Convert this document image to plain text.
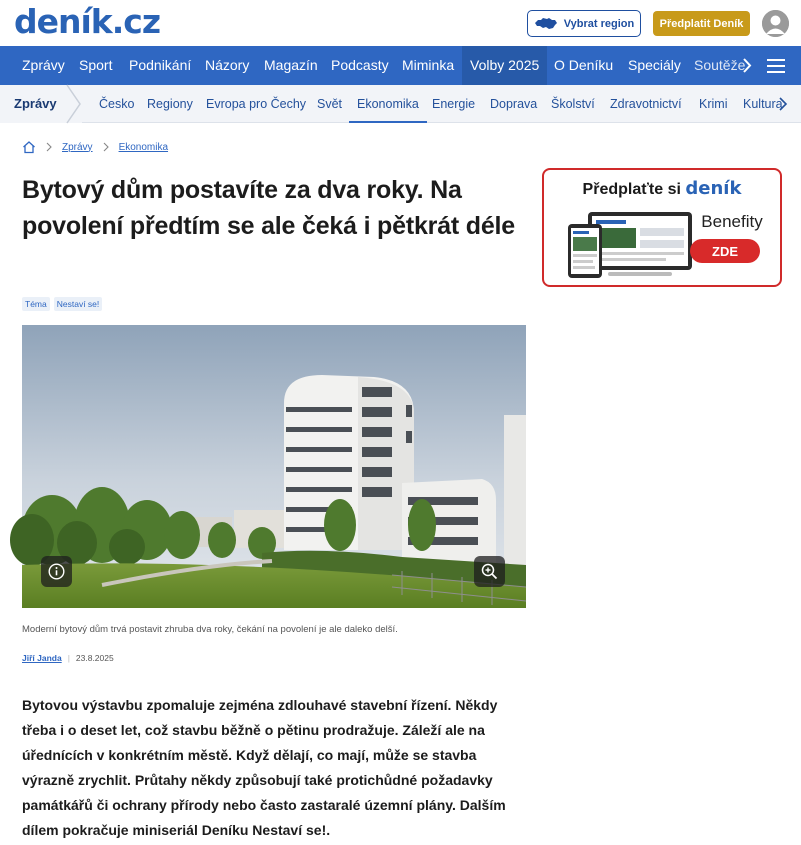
deník.cz	Vybrat region	Předplatit Deník
Zprávy Sport Podnikání Názory Magazín Podcasty Miminka	Volby 2025	O Deníku Speciály Soutěže
Zprávy	Česko Regiony Evropa pro Čechy Svět	Ekonomika	Energie Doprava Školství Zdravotnictví Krimi Kultura
Zprávy	Ekonomika
Bytový dům postavíte za dva roky. Na povolení předtím se ale čeká i pětkrát déle
Téma	Nestaví se!

Moderní bytový dům trvá postavit zhruba dva roky, čekání na povolení je ale daleko delší.

Jiří Janda | 23.8.2025

Bytovou výstavbu zpomaluje zejména zdlouhavé stavební řízení. Někdy třeba i o deset let, což stavbu běžně o pětinu prodražuje. Záleží ale na úřednících v konkrétním městě. Když dělají, co mají, může se stavba výrazně zrychlit. Průtahy někdy způsobují také protichůdné požadavky památkářů či ochrany přírody nebo často zastaralé územní plány. Dalším dílem pokračuje miniseriál Deníku Nestaví se!.

Předplaťte si deník
Benefity
ZDE
